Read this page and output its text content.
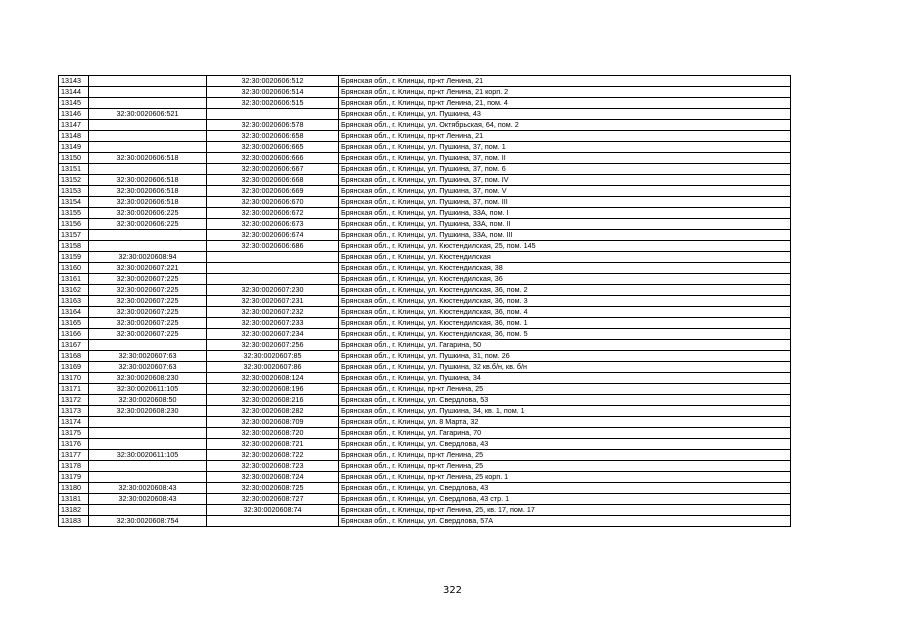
13143		32:30:0020606:512	Брянская обл., г. Клинцы, пр-кт Ленина, 21
13144		32:30:0020606:514	Брянская обл., г. Клинцы, пр-кт Ленина, 21 корп. 2
13145		32:30:0020606:515	Брянская обл., г. Клинцы, пр-кт Ленина, 21, пом. 4
13146	32:30:0020606:521		Брянская обл., г. Клинцы, ул. Пушкина, 43
13147		32:30:0020606:578	Брянская обл., г. Клинцы, ул. Октябрьская, 64, пом. 2
13148		32:30:0020606:658	Брянская обл., г. Клинцы, пр-кт Ленина, 21
13149		32:30:0020606:665	Брянская обл., г. Клинцы, ул. Пушкина, 37, пом. 1
13150	32:30:0020606:518	32:30:0020606:666	Брянская обл., г. Клинцы, ул. Пушкина, 37, пом. II
13151		32:30:0020606:667	Брянская обл., г. Клинцы, ул. Пушкина, 37, пом. 6
13152	32:30:0020606:518	32:30:0020606:668	Брянская обл., г. Клинцы, ул. Пушкина, 37, пом. IV
13153	32:30:0020606:518	32:30:0020606:669	Брянская обл., г. Клинцы, ул. Пушкина, 37, пом. V
13154	32:30:0020606:518	32:30:0020606:670	Брянская обл., г. Клинцы, ул. Пушкина, 37, пом. III
13155	32:30:0020606:225	32:30:0020606:672	Брянская обл., г. Клинцы, ул. Пушкина, 33А, пом. I
13156	32:30:0020606:225	32:30:0020606:673	Брянская обл., г. Клинцы, ул. Пушкина, 33А, пом. II
13157		32:30:0020606:674	Брянская обл., г. Клинцы, ул. Пушкина, 33А, пом. III
13158		32:30:0020606:686	Брянская обл., г. Клинцы, ул. Кюстендилская, 25, пом. 145
13159	32:30:0020608:94		Брянская обл., г. Клинцы, ул. Кюстендилская
13160	32:30:0020607:221		Брянская обл., г. Клинцы, ул. Кюстендилская, 38
13161	32:30:0020607:225		Брянская обл., г. Клинцы, ул. Кюстендилская, 36
13162	32:30:0020607:225	32:30:0020607:230	Брянская обл., г. Клинцы, ул. Кюстендилская, 36, пом. 2
13163	32:30:0020607:225	32:30:0020607:231	Брянская обл., г. Клинцы, ул. Кюстендилская, 36, пом. 3
13164	32:30:0020607:225	32:30:0020607:232	Брянская обл., г. Клинцы, ул. Кюстендилская, 36, пом. 4
13165	32:30:0020607:225	32:30:0020607:233	Брянская обл., г. Клинцы, ул. Кюстендилская, 36, пом. 1
13166	32:30:0020607:225	32:30:0020607:234	Брянская обл., г. Клинцы, ул. Кюстендилская, 36, пом. 5
13167		32:30:0020607:256	Брянская обл., г. Клинцы, ул. Гагарина, 50
13168	32:30:0020607:63	32:30:0020607:85	Брянская обл., г. Клинцы, ул. Пушкина, 31, пом. 26
13169	32:30:0020607:63	32:30:0020607:86	Брянская обл., г. Клинцы, ул. Пушкина, 32 кв.б/н, кв. б/н
13170	32:30:0020608:230	32:30:0020608:124	Брянская обл., г. Клинцы, ул. Пушкина, 34
13171	32:30:0020611:105	32:30:0020608:196	Брянская обл., г. Клинцы, пр-кт Ленина, 25
13172	32:30:0020608:50	32:30:0020608:216	Брянская обл., г. Клинцы, ул. Свердлова, 53
13173	32:30:0020608:230	32:30:0020608:282	Брянская обл., г. Клинцы, ул. Пушкина, 34, кв. 1, пом. 1
13174		32:30:0020608:709	Брянская обл., г. Клинцы, ул. 8 Марта, 32
13175		32:30:0020608:720	Брянская обл., г. Клинцы, ул. Гагарина, 70
13176		32:30:0020608:721	Брянская обл., г. Клинцы, ул. Свердлова, 43
13177	32:30:0020611:105	32:30:0020608:722	Брянская обл., г. Клинцы, пр-кт Ленина, 25
13178		32:30:0020608:723	Брянская обл., г. Клинцы, пр-кт Ленина, 25
13179		32:30:0020608:724	Брянская обл., г. Клинцы, пр-кт Ленина, 25 корп. 1
13180	32:30:0020608:43	32:30:0020608:725	Брянская обл., г. Клинцы, ул. Свердлова, 43
13181	32:30:0020608:43	32:30:0020608:727	Брянская обл., г. Клинцы, ул. Свердлова, 43 стр. 1
13182		32:30:0020608:74	Брянская обл., г. Клинцы, пр-кт Ленина, 25, кв. 17, пом. 17
13183	32:30:0020608:754		Брянская обл., г. Клинцы, ул. Свердлова, 57А
322
